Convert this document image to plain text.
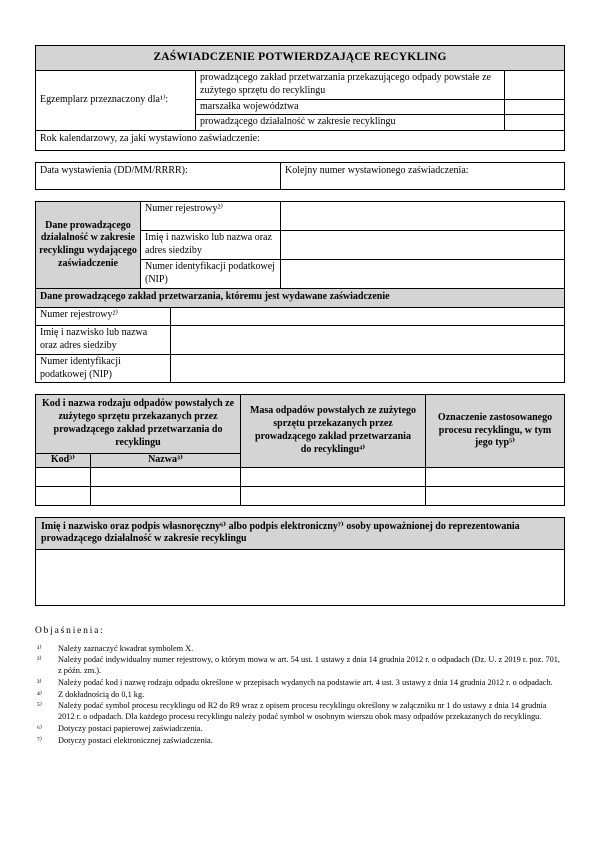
ZAŚWIADCZENIE POTWIERDZAJĄCE RECYKLING
Egzemplarz przeznaczony dla¹⁾:
prowadzącego zakład przetwarzania przekazującego odpady powstałe ze zużytego sprzętu do recyklingu
marszałka województwa
prowadzącego działalność w zakresie recyklingu
Rok kalendarzowy, za jaki wystawiono zaświadczenie:
Data wystawienia (DD/MM/RRRR):	Kolejny numer wystawionego zaświadczenia:
Dane prowadzącego działalność w zakresie recyklingu wydającego zaświadczenie
Numer rejestrowy²⁾
Imię i nazwisko lub nazwa oraz adres siedziby
Numer identyfikacji podatkowej (NIP)
Dane prowadzącego zakład przetwarzania, któremu jest wydawane zaświadczenie
Numer rejestrowy²⁾
Imię i nazwisko lub nazwa oraz adres siedziby
Numer identyfikacji podatkowej (NIP)
Kod i nazwa rodzaju odpadów powstałych ze zużytego sprzętu przekazanych przez prowadzącego zakład przetwarzania do recyklingu
Kod³⁾	Nazwa³⁾
Masa odpadów powstałych ze zużytego sprzętu przekazanych przez prowadzącego zakład przetwarzania do recyklingu⁴⁾
Oznaczenie zastosowanego procesu recyklingu, w tym jego typ⁵⁾
Imię i nazwisko oraz podpis własnoręczny⁶⁾ albo podpis elektroniczny⁷⁾ osoby upoważnionej do reprezentowania prowadzącego działalność w zakresie recyklingu
Objaśnienia:
¹⁾	Należy zaznaczyć kwadrat symbolem X.
²⁾	Należy podać indywidualny numer rejestrowy, o którym mowa w art. 54 ust. 1 ustawy z dnia 14 grudnia 2012 r. o odpadach (Dz. U. z 2019 r. poz. 701, z późn. zm.).
³⁾	Należy podać kod i nazwę rodzaju odpadu określone w przepisach wydanych na podstawie art. 4 ust. 3 ustawy z dnia 14 grudnia 2012 r. o odpadach.
⁴⁾	Z dokładnością do 0,1 kg.
⁵⁾	Należy podać symbol procesu recyklingu od R2 do R9 wraz z opisem procesu recyklingu określony w załączniku nr 1 do ustawy z dnia 14 grudnia 2012 r. o odpadach. Dla każdego procesu recyklingu należy podać symbol w osobnym wierszu obok masy odpadów przekazanych do recyklingu.
⁶⁾	Dotyczy postaci papierowej zaświadczenia.
⁷⁾	Dotyczy postaci elektronicznej zaświadczenia.
